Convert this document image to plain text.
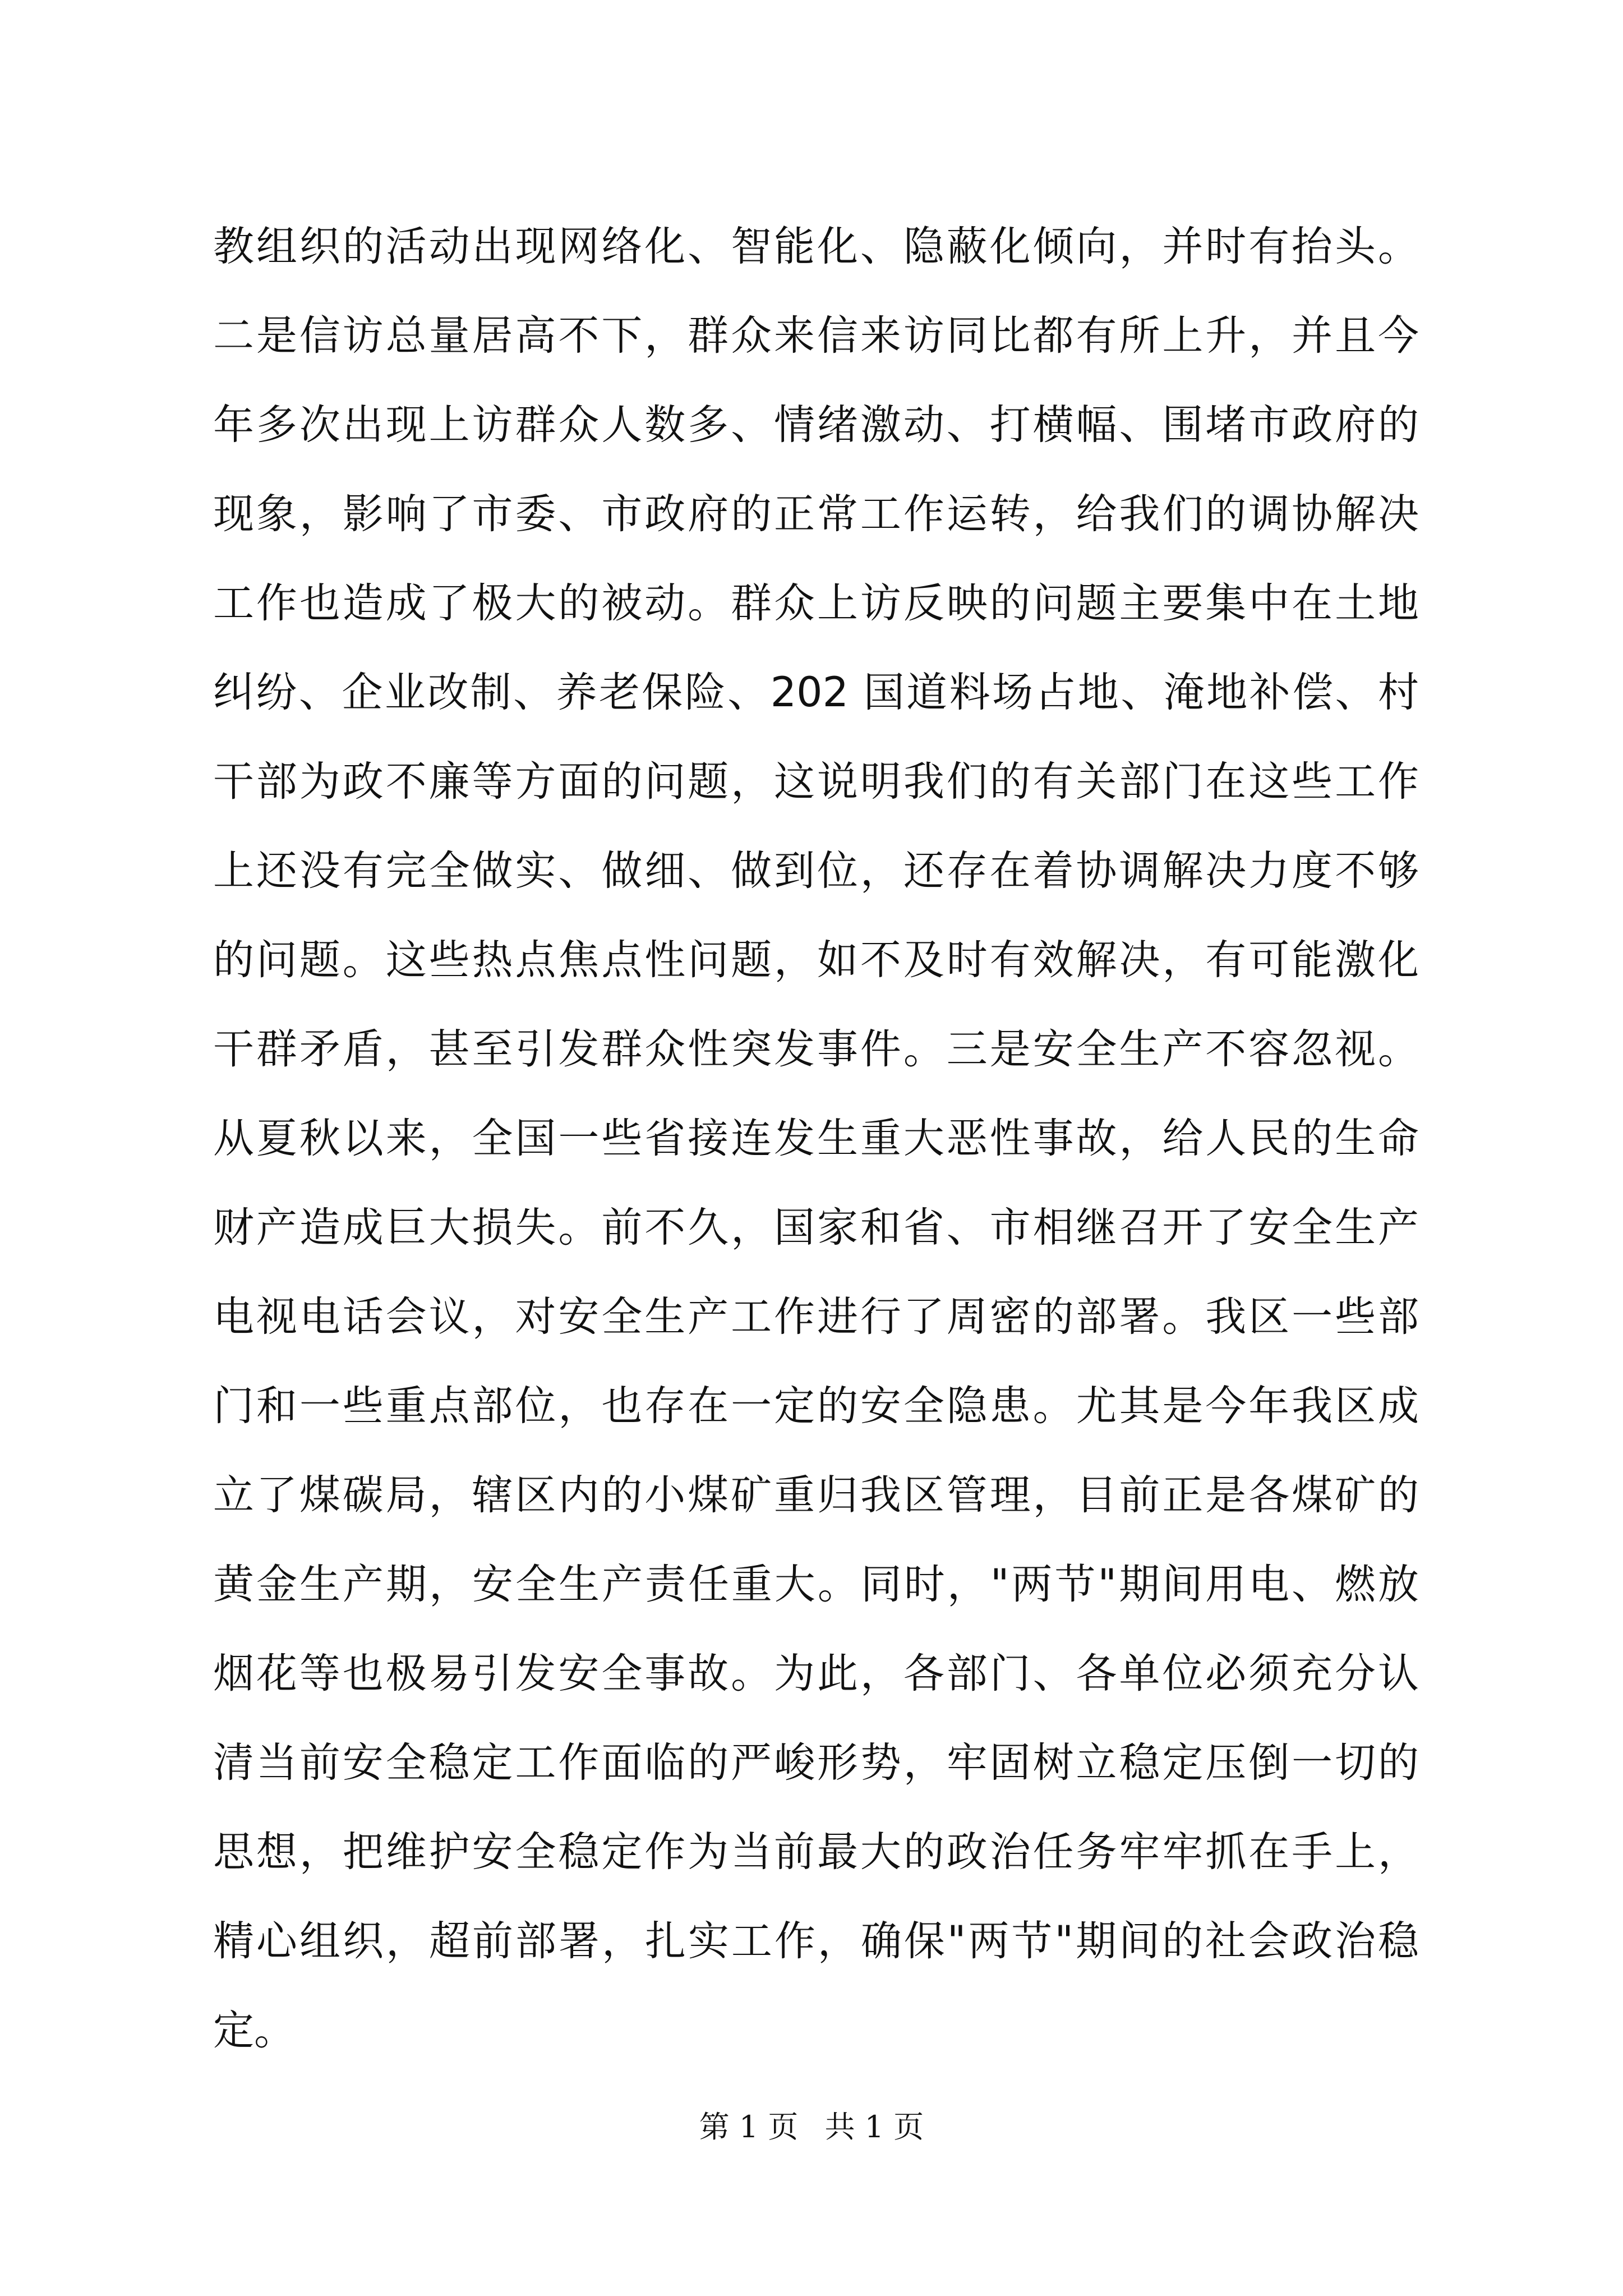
教组织的活动出现网络化、智能化、隐蔽化倾向，并时有抬头。
二是信访总量居高不下，群众来信来访同比都有所上升，并且今
年多次出现上访群众人数多、情绪激动、打横幅、围堵市政府的
现象，影响了市委、市政府的正常工作运转，给我们的调协解决
工作也造成了极大的被动。群众上访反映的问题主要集中在土地
纠纷、企业改制、养老保险、202 国道料场占地、淹地补偿、村
干部为政不廉等方面的问题，这说明我们的有关部门在这些工作
上还没有完全做实、做细、做到位，还存在着协调解决力度不够
的问题。这些热点焦点性问题，如不及时有效解决，有可能激化
干群矛盾，甚至引发群众性突发事件。三是安全生产不容忽视。
从夏秋以来，全国一些省接连发生重大恶性事故，给人民的生命
财产造成巨大损失。前不久，国家和省、市相继召开了安全生产
电视电话会议，对安全生产工作进行了周密的部署。我区一些部
门和一些重点部位，也存在一定的安全隐患。尤其是今年我区成
立了煤碳局，辖区内的小煤矿重归我区管理，目前正是各煤矿的
黄金生产期，安全生产责任重大。同时，"两节"期间用电、燃放
烟花等也极易引发安全事故。为此，各部门、各单位必须充分认
清当前安全稳定工作面临的严峻形势，牢固树立稳定压倒一切的
思想，把维护安全稳定作为当前最大的政治任务牢牢抓在手上，
精心组织，超前部署，扎实工作，确保"两节"期间的社会政治稳
定。
第 1 页 共 1 页
